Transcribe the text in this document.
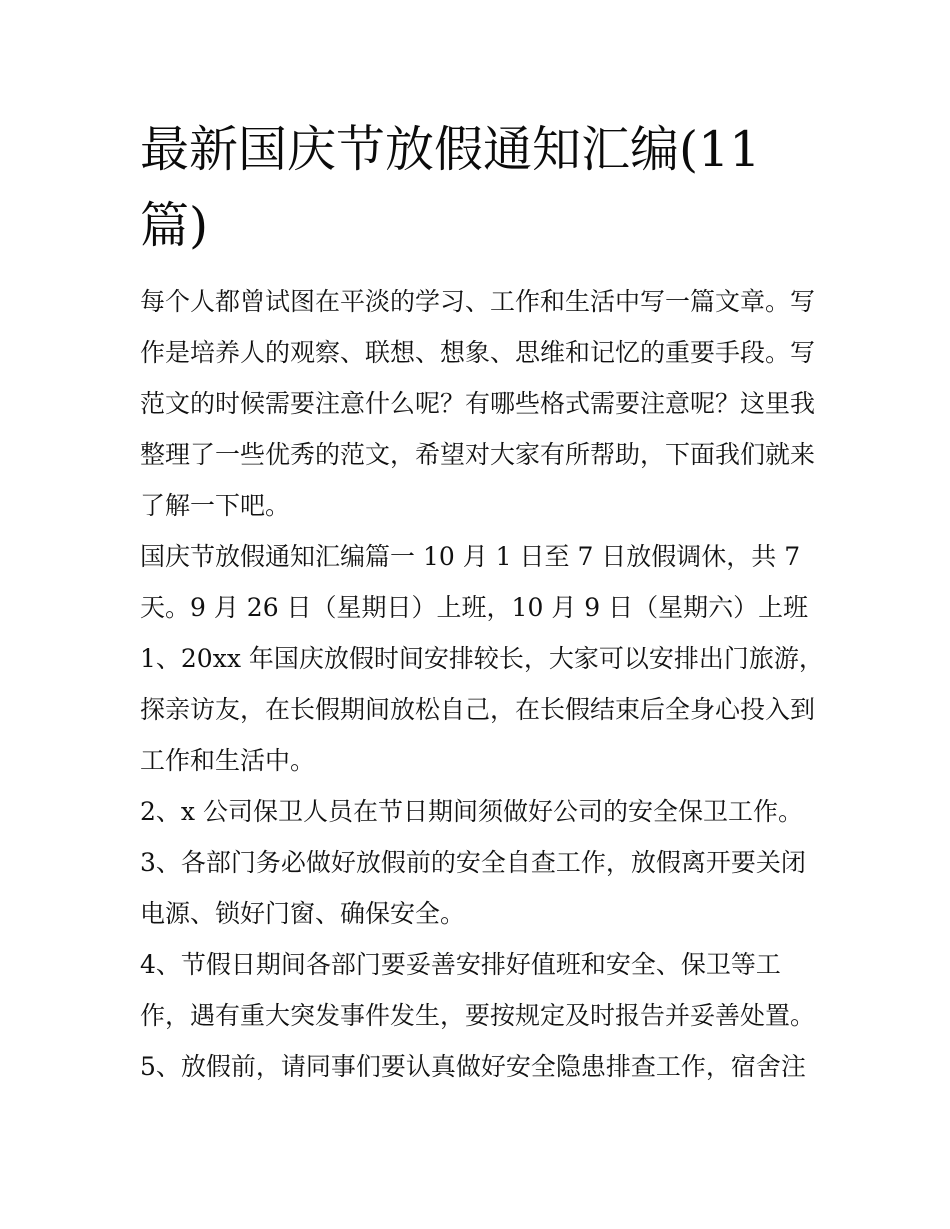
最新国庆节放假通知汇编(11
篇)
每个人都曾试图在平淡的学习、工作和生活中写一篇文章。写
作是培养人的观察、联想、想象、思维和记忆的重要手段。写
范文的时候需要注意什么呢？有哪些格式需要注意呢？这里我
整理了一些优秀的范文，希望对大家有所帮助，下面我们就来
了解一下吧。
国庆节放假通知汇编篇一 10 月 1 日至 7 日放假调休，共 7
天。9 月 26 日（星期日）上班，10 月 9 日（星期六）上班
1、20xx 年国庆放假时间安排较长，大家可以安排出门旅游，
探亲访友，在长假期间放松自己，在长假结束后全身心投入到
工作和生活中。
2、x 公司保卫人员在节日期间须做好公司的安全保卫工作。
3、各部门务必做好放假前的安全自查工作，放假离开要关闭
电源、锁好门窗、确保安全。
4、节假日期间各部门要妥善安排好值班和安全、保卫等工
作，遇有重大突发事件发生，要按规定及时报告并妥善处置。
5、放假前，请同事们要认真做好安全隐患排查工作，宿舍注
